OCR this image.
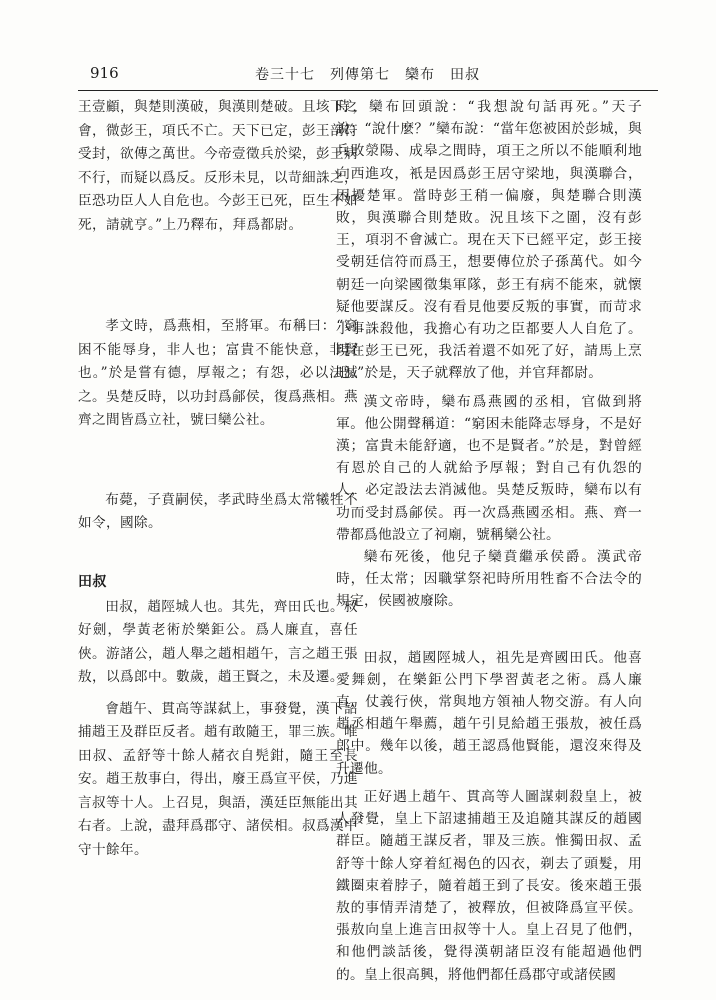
916	卷三十七　列傳第七　欒布　田叔

王壹顧，與楚則漢破，與漢則楚破。且垓下之會，微彭王，項氏不亡。天下已定，彭王剖符受封，欲傳之萬世。今帝壹徵兵於梁，彭王病不行，而疑以爲反。反形未見，以苛細誅之，臣恐功臣人人自危也。今彭王已死，臣生不如死，請就亨。”上乃釋布，拜爲都尉。

孝文時，爲燕相，至將軍。布稱曰：“窮困不能辱身，非人也；富貴不能快意，非賢也。”於是嘗有德，厚報之；有怨，必以法滅之。吳楚反時，以功封爲鄃侯，復爲燕相。燕齊之間皆爲立社，號曰欒公社。

布薨，子賁嗣侯，孝武時坐爲太常犧牲不如令，國除。

田叔

田叔，趙陘城人也。其先，齊田氏也。叔好劍，學黃老術於樂鉅公。爲人廉直，喜任俠。游諸公，趙人舉之趙相趙午，言之趙王張敖，以爲郎中。數歲，趙王賢之，未及遷。

會趙午、貫高等謀弑上，事發覺，漢下詔捕趙王及群臣反者。趙有敢隨王，罪三族。唯田叔、孟舒等十餘人赭衣自髡鉗，隨王至長安。趙王敖事白，得出，廢王爲宣平侯，乃進言叔等十人。上召見，與語，漢廷臣無能出其右者。上說，盡拜爲郡守、諸侯相。叔爲漢中守十餘年。

時，欒布回頭說：“我想說句話再死。”天子說：“說什麼？”欒布說：“當年您被困於彭城，與兵敗滎陽、成皋之間時，項王之所以不能順利地向西進攻，衹是因爲彭王居守梁地，與漢聯合，困擾楚軍。當時彭王稍一偏廢，與楚聯合則漢敗，與漢聯合則楚敗。況且垓下之圍，沒有彭王，項羽不會滅亡。現在天下已經平定，彭王接受朝廷信符而爲王，想要傳位於子孫萬代。如今朝廷一向梁國徵集軍隊，彭王有病不能來，就懷疑他要謀反。沒有看見他要反叛的事實，而苛求小事誅殺他，我擔心有功之臣都要人人自危了。現在彭王已死，我活着還不如死了好，請馬上烹吧。”於是，天子就釋放了他，并官拜都尉。

漢文帝時，欒布爲燕國的丞相，官做到將軍。他公開聲稱道：“窮困未能降志辱身，不是好漢；富貴未能舒適，也不是賢者。”於是，對曾經有恩於自己的人就給予厚報；對自己有仇怨的人，必定設法去消滅他。吳楚反叛時，欒布以有功而受封爲鄃侯。再一次爲燕國丞相。燕、齊一帶都爲他設立了祠廟，號稱欒公社。

欒布死後，他兒子欒賁繼承侯爵。漢武帝時，任太常；因職掌祭祀時所用牲畜不合法令的規定，侯國被廢除。

田叔，趙國陘城人，祖先是齊國田氏。他喜愛舞劍，在樂鉅公門下學習黃老之術。爲人廉直，仗義行俠，常與地方領袖人物交游。有人向趙丞相趙午舉薦，趙午引見給趙王張敖，被任爲郎中。幾年以後，趙王認爲他賢能，還沒來得及升遷他。

正好遇上趙午、貫高等人圖謀刺殺皇上，被人發覺，皇上下詔逮捕趙王及追隨其謀反的趙國群臣。隨趙王謀反者，罪及三族。惟獨田叔、孟舒等十餘人穿着紅褐色的囚衣，剃去了頭髮，用鐵圈束着脖子，隨着趙王到了長安。後來趙王張敖的事情弄清楚了，被釋放，但被降爲宣平侯。張敖向皇上進言田叔等十人。皇上召見了他們，和他們談話後，覺得漢朝諸臣沒有能超過他們的。皇上很高興，將他們都任爲郡守或諸侯國
